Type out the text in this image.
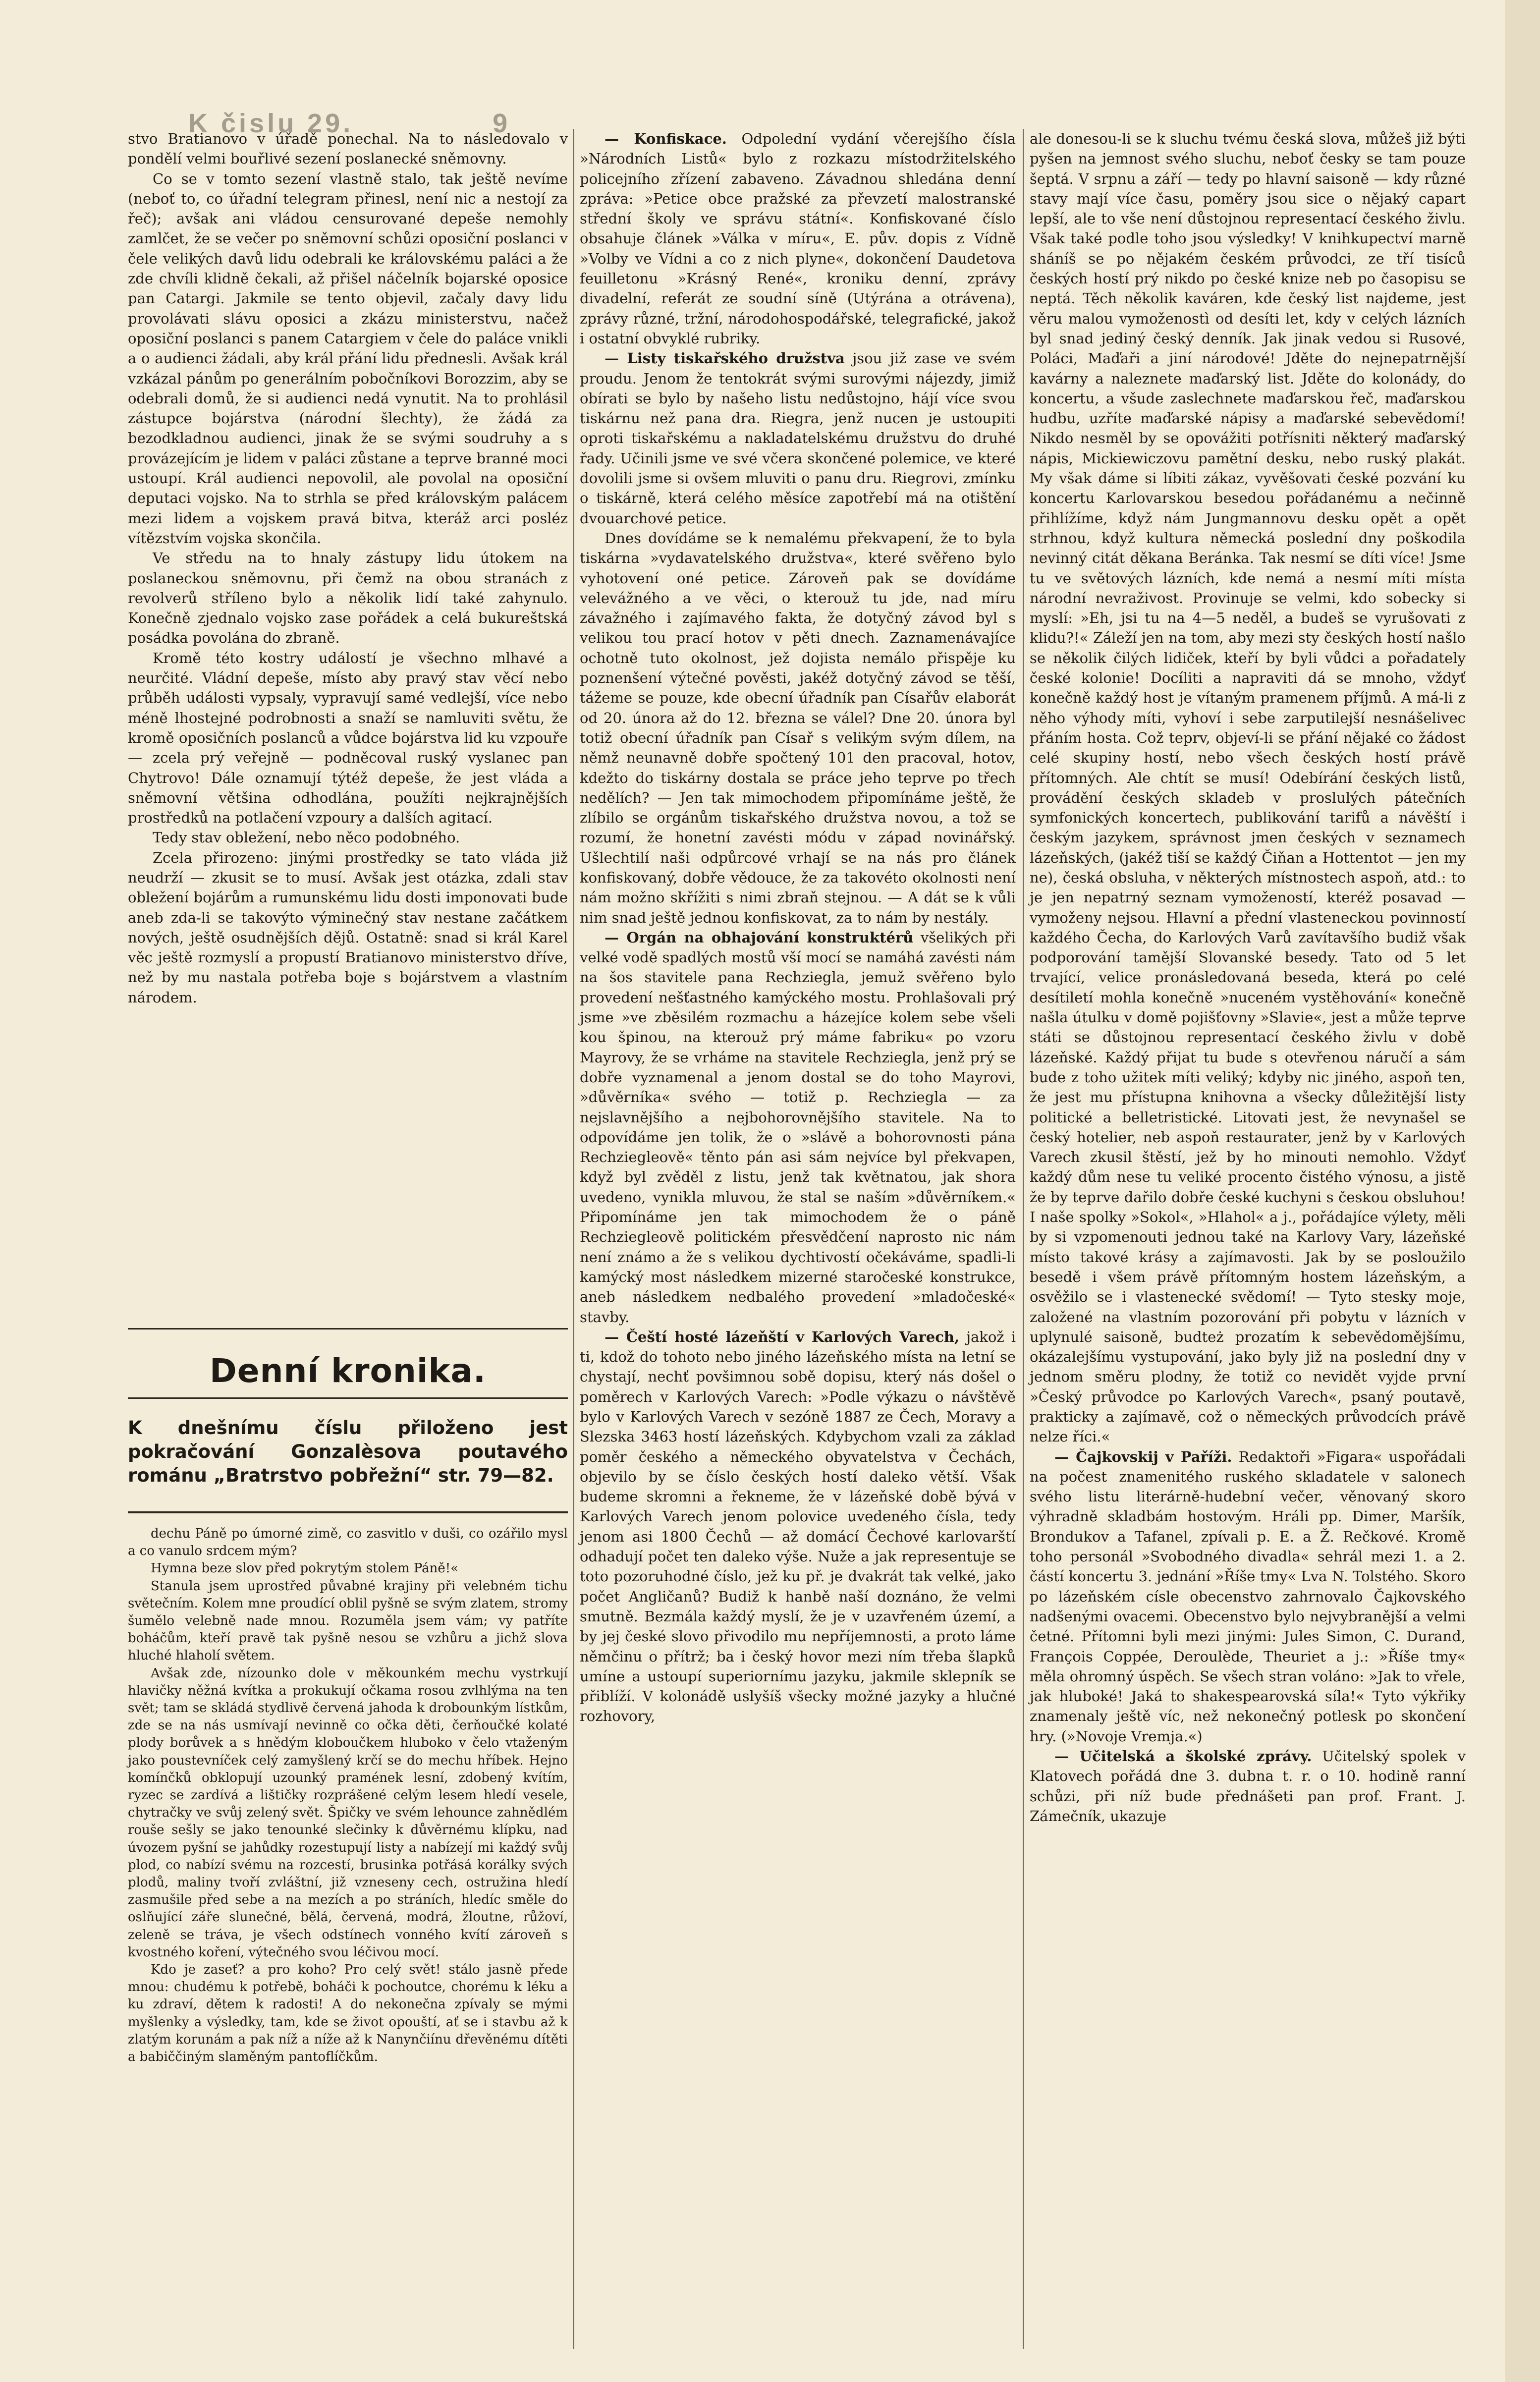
K čislu 29.	9

stvo Bratianovo v úřadě ponechal. Na to následovalo v pondělí velmi bouřlivé sezení poslanecké sněmovny.

Co se v tomto sezení vlastně stalo, tak ještě nevíme (neboť to, co úřadní telegram přinesl, není nic a nestojí za řeč); avšak ani vládou censurované depeše nemohly zamlčet, že se večer po sněmovní schůzi oposiční poslanci v čele velikých davů lidu odebrali ke královskému paláci a že zde chvíli klidně čekali, až přišel náčelník bojarské oposice pan Catargi. Jakmile se tento objevil, začaly davy lidu provolávati slávu oposici a zkázu ministerstvu, načež oposiční poslanci s panem Catargiem v čele do paláce vnikli a o audienci žádali, aby král přání lidu přednesli. Avšak král vzkázal pánům po generálním pobočníkovi Borozzim, aby se odebrali domů, že si audienci nedá vynutit. Na to prohlásil zástupce bojárstva (národní šlechty), že žádá za bezodkladnou audienci, jinak že se svými soudruhy a s provázejícím je lidem v paláci zůstane a teprve branné moci ustoupí. Král audienci nepovolil, ale povolal na oposiční deputaci vojsko. Na to strhla se před královským palácem mezi lidem a vojskem pravá bitva, kteráž arci posléz vítězstvím vojska skončila.

Ve středu na to hnaly zástupy lidu útokem na poslaneckou sněmovnu, při čemž na obou stranách z revolverů stříleno bylo a několik lidí také zahynulo. Konečně zjednalo vojsko zase pořádek a celá bukureštská posádka povolána do zbraně.

Kromě této kostry událostí je všechno mlhavé a neurčité. Vládní depeše, místo aby pravý stav věcí nebo průběh události vypsaly, vypravují samé vedlejší, více nebo méně lhostejné podrobnosti a snaží se namluviti světu, že kromě oposičních poslanců a vůdce bojárstva lid ku vzpouře — zcela prý veřejně — podněcoval ruský vyslanec pan Chytrovo! Dále oznamují týtéž depeše, že jest vláda a sněmovní většina odhodlána, použíti nejkrajnějších prostředků na potlačení vzpoury a dalších agitací.

Tedy stav obležení, nebo něco podobného.

Zcela přirozeno: jinými prostředky se tato vláda již neudrží — zkusit se to musí. Avšak jest otázka, zdali stav obležení bojárům a rumunskému lidu dosti imponovati bude aneb zda-li se takovýto výminečný stav nestane začátkem nových, ještě osudnějších dějů. Ostatně: snad si král Karel věc ještě rozmyslí a propustí Bratianovo ministerstvo dříve, než by mu nastala potřeba boje s bojárstvem a vlastním národem.

Denní kronika.
K dnešnímu číslu přiloženo jest pokračování Gonzalèsova poutavého románu „Bratrstvo pobřežní“ str. 79—82.

dechu Páně po úmorné zimě, co zasvitlo v duši, co ozářilo mysl a co vanulo srdcem mým?

Hymna beze slov před pokrytým stolem Páně!«

Stanula jsem uprostřed půvabné krajiny při velebném tichu světečním. Kolem mne proudící oblil pyšně se svým zlatem, stromy šumělo velebně nade mnou. Rozuměla jsem vám; vy patříte boháčům, kteří pravě tak pyšně nesou se vzhůru a jichž slova hluché hlaholí světem.

Avšak zde, nízounko dole v měkounkém mechu vystrkují hlavičky něžná kvítka a prokukují očkama rosou zvlhlýma na ten svět; tam se skládá stydlivě červená jahoda k drobounkým lístkům, zde se na nás usmívají nevinně co očka děti, čerňoučké kolaté plody borůvek a s hnědým kloboučkem hluboko v čelo vtaženým jako poustevníček celý zamyšlený krčí se do mechu hříbek. Hejno komínčků obklopují uzounký pramének lesní, zdobený kvítím, ryzec se zardívá a lištičky rozprášené celým lesem hledí vesele, chytračky ve svůj zelený svět. Špičky ve svém lehounce zahnědlém rouše sešly se jako tenounké slečinky k důvěrnému klípku, nad úvozem pyšní se jahůdky rozestupují listy a nabízejí mi každý svůj plod, co nabízí svému na rozcestí, brusinka potřásá korálky svých plodů, maliny tvoří zvláštní, již vzneseny cech, ostružina hledí zasmušile před sebe a na mezích a po stráních, hledíc směle do oslňující záře slunečné, bělá, červená, modrá, žloutne, růžoví, zeleně se tráva, je všech odstínech vonného kvítí zároveň s kvostného koření, výtečného svou léčivou mocí.

Kdo je zaseť? a pro koho? Pro celý svět! stálo jasně přede mnou: chudému k potřebě, boháči k pochoutce, chorému k léku a ku zdraví, dětem k radosti! A do nekonečna zpívaly se mými myšlenky a výsledky, tam, kde se život opouští, ať se i stavbu až k zlatým korunám a pak níž a níže až k Nanynčiínu dřevěnému dítěti a babiččiným slaměným pantoflíčkům.

— Konfiskace. Odpolední vydání včerejšího čísla »Národních Listů« bylo z rozkazu místodržitelského policejního zřízení zabaveno. Závadnou shledána denní zpráva: »Petice obce pražské za převzetí malostranské střední školy ve správu státní«. Konfiskované číslo obsahuje článek »Válka v míru«, E. pův. dopis z Vídně »Volby ve Vídni a co z nich plyne«, dokončení Daudetova feuilletonu »Krásný René«, kroniku denní, zprávy divadelní, referát ze soudní síně (Utýrána a otrávena), zprávy různé, tržní, národohospodářské, telegrafické, jakož i ostatní obvyklé rubriky.

— Listy tiskařského družstva jsou již zase ve svém proudu. Jenom že tentokrát svými surovými nájezdy, jimiž obírati se bylo by našeho listu nedůstojno, hájí více svou tiskárnu než pana dra. Riegra, jenž nucen je ustoupiti oproti tiskařskému a nakladatelskému družstvu do druhé řady. Učinili jsme ve své včera skončené polemice, ve které dovolili jsme si ovšem mluviti o panu dru. Riegrovi, zmínku o tiskárně, která celého měsíce zapotřebí má na otištění dvouarchové petice.

Dnes dovídáme se k nemalému překvapení, že to byla tiskárna »vydavatelského družstva«, které svěřeno bylo vyhotovení oné petice. Zároveň pak se dovídáme velevážného a ve věci, o kterouž tu jde, nad míru závažného i zajímavého fakta, že dotyčný závod byl s velikou tou prací hotov v pěti dnech. Zaznamenávajíce ochotně tuto okolnost, jež dojista nemálo přispěje ku poznenšení výtečné pověsti, jakéž dotyčný závod se těší, tážeme se pouze, kde obecní úřadník pan Císařův elaborát od 20. února až do 12. března se válel? Dne 20. února byl totiž obecní úřadník pan Císař s velikým svým dílem, na němž neunavně dobře spočtený 101 den pracoval, hotov, kdežto do tiskárny dostala se práce jeho teprve po třech nedělích? — Jen tak mimochodem připomínáme ještě, že zlíbilo se orgánům tiskařského družstva novou, a tož se rozumí, že honetní zavésti módu v západ novinářský. Ušlechtilí naši odpůrcové vrhají se na nás pro článek konfiskovaný, dobře vědouce, že za takovéto okolnosti není nám možno skřížiti s nimi zbraň stejnou. — A dát se k vůli nim snad ještě jednou konfiskovat, za to nám by nestály.

— Orgán na obhajování konstruktérů všelikých při velké vodě spadlých mostů vší mocí se namáhá zavésti nám na šos stavitele pana Rechziegla, jemuž svěřeno bylo provedení nešťastného kamýckého mostu. Prohlašovali prý jsme »ve zběsilém rozmachu a házejíce kolem sebe všeli kou špinou, na kterouž prý máme fabriku« po vzoru Mayrovy, že se vrháme na stavitele Rechziegla, jenž prý se dobře vyznamenal a jenom dostal se do toho Mayrovi, »důvěrníka« svého — totiž p. Rechziegla — za nejslavnějšího a nejbohorovnějšího stavitele. Na to odpovídáme jen tolik, že o »slávě a bohorovnosti pána Rechziegleově« těnto pán asi sám nejvíce byl překvapen, když byl zvěděl z listu, jenž tak květnatou, jak shora uvedeno, vynikla mluvou, že stal se naším »důvěrníkem.« Připomínáme jen tak mimochodem že o páně Rechziegleově politickém přesvědčení naprosto nic nám není známo a že s velikou dychtivostí očekáváme, spadli-li kamýcký most následkem mizerné staročeské konstrukce, aneb následkem nedbalého provedení »mladočeské« stavby.

— Čeští hosté lázeňští v Karlových Varech, jakož i ti, kdož do tohoto nebo jiného lázeňského místa na letní se chystají, nechť povšimnou sobě dopisu, který nás došel o poměrech v Karlových Varech: »Podle výkazu o návštěvě bylo v Karlových Varech v sezóně 1887 ze Čech, Moravy a Slezska 3463 hostí lázeňských. Kdybychom vzali za základ poměr českého a německého obyvatelstva v Čechách, objevilo by se číslo českých hostí daleko větší. Však budeme skromni a řekneme, že v lázeňské době bývá v Karlových Varech jenom polovice uvedeného čísla, tedy jenom asi 1800 Čechů — až domácí Čechové karlovarští odhadují počet ten daleko výše. Nuže a jak representuje se toto pozoruhodné číslo, jež ku př. je dvakrát tak velké, jako počet Angličanů? Budiž k hanbě naší doznáno, že velmi smutně. Bezmála každý myslí, že je v uzavřeném území, a by jej české slovo přivodilo mu nepříjemnosti, a proto láme němčinu o přítrž; ba i český hovor mezi ním třeba šlapků umíne a ustoupí superiornímu jazyku, jakmile sklepník se přiblíží. V kolonádě uslyšíš všecky možné jazyky a hlučné rozhovory,

ale donesou-li se k sluchu tvému česká slova, můžeš již býti pyšen na jemnost svého sluchu, neboť česky se tam pouze šeptá. V srpnu a září — tedy po hlavní saisoně — kdy různé stavy mají více času, poměry jsou sice o nějaký capart lepší, ale to vše není důstojnou representací českého živlu. Však také podle toho jsou výsledky! V knihkupectví marně sháníš se po nějakém českém průvodci, ze tří tisíců českých hostí prý nikdo po české knize neb po časopisu se neptá. Těch několik kaváren, kde český list najdeme, jest věru malou vymoženostì od desíti let, kdy v celých lázních byl snad jediný český denník. Jak jinak vedou si Rusové, Poláci, Maďaři a jiní národové! Jděte do nejnepatrnější kavárny a naleznete maďarský list. Jděte do kolonády, do koncertu, a všude zaslechnete maďarskou řeč, maďarskou hudbu, uzříte maďarské nápisy a maďarské sebevědomí! Nikdo nesměl by se opovážiti potřísniti některý maďarský nápis, Mickiewiczovu pamětní desku, nebo ruský plakát. My však dáme si líbiti zákaz, vyvěšovati české pozvání ku koncertu Karlovarskou besedou pořádanému a nečinně přihlížíme, když nám Jungmannovu desku opět a opět strhnou, když kultura německá poslední dny poškodila nevinný citát děkana Beránka. Tak nesmí se díti více! Jsme tu ve světových lázních, kde nemá a nesmí míti místa národní nevraživost. Provinuje se velmi, kdo sobecky si myslí: »Eh, jsi tu na 4—5 neděl, a budeš se vyrušovati z klidu?!« Záleží jen na tom, aby mezi sty českých hostí našlo se několik čilých lidiček, kteří by byli vůdci a pořadately české kolonie! Docíliti a napraviti dá se mnoho, vždyť konečně každý host je vítaným pramenem příjmů. A má-li z něho výhody míti, vyhoví i sebe zarputilejší nesnášelivec přáním hosta. Což teprv, objeví-li se přání nějaké co žádost celé skupiny hostí, nebo všech českých hostí právě přítomných. Ale chtít se musí! Odebírání českých listů, provádění českých skladeb v proslulých pátečních symfonických koncertech, publikování tarifů a návěští i českým jazykem, správnost jmen českých v seznamech lázeňských, (jakéž tiší se každý Čiňan a Hottentot — jen my ne), česká obsluha, v některých místnostech aspoň, atd.: to je jen nepatrný seznam vymožeností, kteréž posavad — vymoženy nejsou. Hlavní a přední vlasteneckou povinností každého Čecha, do Karlových Varů zavítavšího budiž však podporování tamější Slovanské besedy. Tato od 5 let trvající, velice pronásledovaná beseda, která po celé desítiletí mohla konečně »nuceném vystěhování« konečně našla útulku v domě pojišťovny »Slavie«, jest a může teprve státi se důstojnou representací českého živlu v době lázeňské. Každý přijat tu bude s otevřenou náručí a sám bude z toho užitek míti veliký; kdyby nic jiného, aspoň ten, že jest mu přístupna knihovna a všecky důležitější listy politické a belletristické. Litovati jest, že nevynašel se český hotelier, neb aspoň restaurater, jenž by v Karlových Varech zkusil štěstí, jež by ho minouti nemohlo. Vždyť každý dům nese tu veliké procento čistého výnosu, a jistě že by teprve dařilo dobře české kuchyni s českou obsluhou! I naše spolky »Sokol«, »Hlahol« a j., pořádajíce výlety, měli by si vzpomenouti jednou také na Karlovy Vary, lázeňské místo takové krásy a zajímavosti. Jak by se posloužilo besedě i všem právě přítomným hostem lázeňským, a osvěžilo se i vlastenecké svědomí! — Tyto stesky moje, založené na vlastním pozorování při pobytu v lázních v uplynulé saisoně, budteż prozatím k sebevědomějšímu, okázalejšímu vystupování, jako byly již na poslední dny v jednom směru plodny, že totiž co nevidět vyjde první »Český průvodce po Karlových Varech«, psaný poutavě, prakticky a zajímavě, což o německých průvodcích právě nelze říci.«

— Čajkovskij v Paříži. Redaktoři »Figara« uspořádali na počest znamenitého ruského skladatele v salonech svého listu literárně-hudební večer, věnovaný skoro výhradně skladbám hostovým. Hráli pp. Dimer, Maršík, Brondukov a Tafanel, zpívali p. E. a Ž. Rečkové. Kromě toho personál »Svobodného divadla« sehrál mezi 1. a 2. částí koncertu 3. jednání »Říše tmy« Lva N. Tolstého. Skoro po lázeňském císle obecenstvo zahrnovalo Čajkovského nadšenými ovacemi. Obecenstvo bylo nejvybranější a velmi četné. Přítomni byli mezi jinými: Jules Simon, C. Durand, François Coppée, Deroulède, Theuriet a j.: »Říše tmy« měla ohromný úspěch. Se všech stran volánо: »Jak to vřele, jak hluboké! Jaká to shakespearovská síla!« Tyto výkřiky znamenaly ještě víc, než nekonečný potlesk po skončení hry. (»Novoje Vremja.«)

— Učitelská a školské zprávy. Učitelský spolek v Klatovech pořádá dne 3. dubna t. r. o 10. hodině ranní schůzi, při níž bude přednášeti pan prof. Frant. J. Zámečník, ukazuje
